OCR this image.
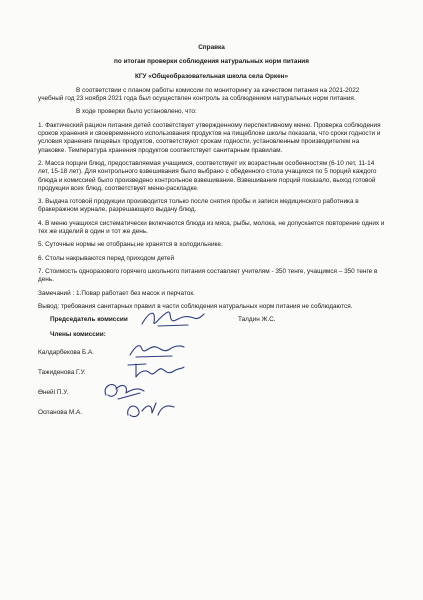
Справка
по итогам проверки соблюдения натуральных норм питания
КГУ «Общеобразовательная школа села Оркен»

В соответствии с планом работы комиссии по мониторингу за качеством питания на 2021-2022 учебный год 23 ноября 2021 года был осуществлен контроль за соблюдением натуральных норм питания.

В ходе проверки было установлено, что:

1. Фактический рацион питания детей соответствует утвержденному перспективному меню. Проверка соблюдения сроков хранения и своевременного использования продуктов на пищеблоке школы показала, что сроки годности и условия хранения пищевых продуктов, соответствуют срокам годности, установленным производителем на упаковке. Температура хранения продуктов соответствует санитарным правилам.

2. Масса порции блюд, предоставляемая учащимся, соответствует их возрастным особенностям (6-10 лет, 11-14 лет, 15-18 лет). Для контрольного взвешивания было выбрано с обеденного стола учащихся по 5 порций каждого блюда и комиссией было произведено контрольное взвешивание. Взвешивание порций показало, выход готовой продукции всех блюд, соответствует меню-раскладке.

3. Выдача готовой продукции производится только после снятия пробы и записи медицинского работника в бракеражном журнале, разрешающего выдачу блюд.

4. В меню учащихся систематически включаются блюда из мяса, рыбы, молока, не допускается повторение одних и тех же изделий в один и тот же день.

5. Суточные нормы не отобраны,не хранятся в холодильнике.

6. Столы накрываются перед приходом детей

7. Стоимость одноразового горячего школьного питания составляет учителям - 350 тенге, учащимся – 350 тенге в день.

Замечаний : 1.Повар работает без масок и перчаток.

Вывод: требования санитарных правил в части соблюдения натуральных норм питания не соблюдаются.

Председатель комиссии	Талдин Ж.С.
Члены комиссии:
Калдарбекова Б.А.
Тажиденова Г.У.
Өнейі П.У.
Оспанова М.А.
